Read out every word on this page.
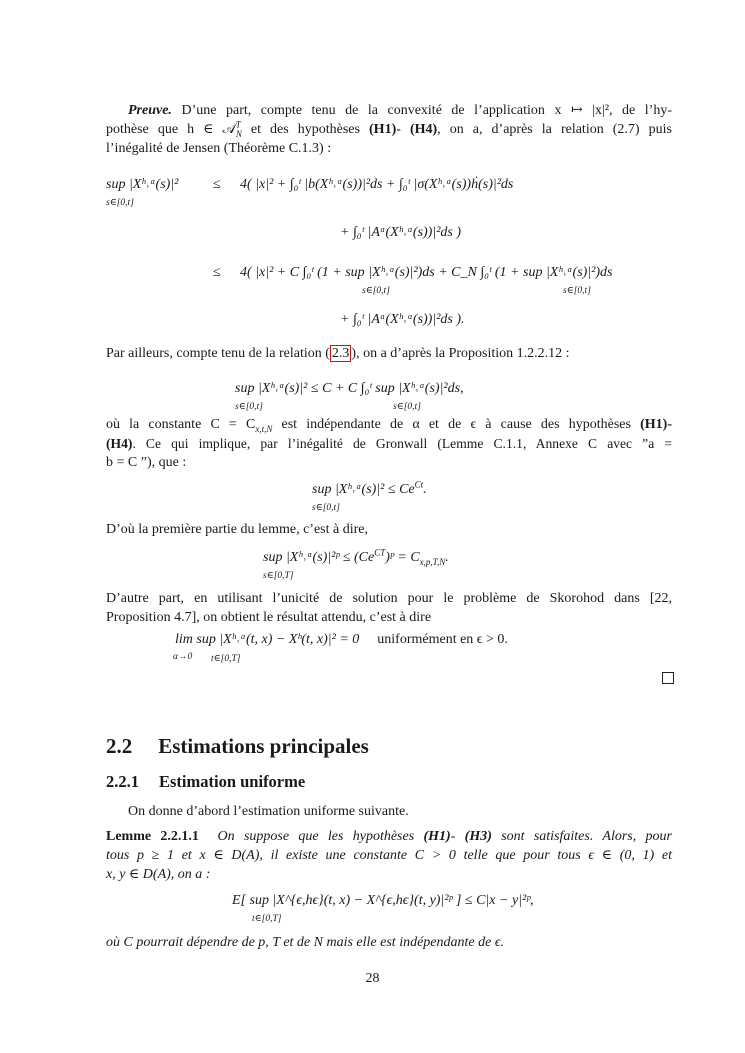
Preuve. D’une part, compte tenu de la convexité de l’application x ↦ |x|², de l’hy-
pothèse que h ∈ 𝒜$^T_N$ et des hypothèses (H1)- (H4), on a, d’après la relation (2.7) puis
l’inégalité de Jensen (Théorème C.1.3) :
sup |Xʰ˒ᵅ(s)|²
s∈[0,t]
≤ 4( |x|² + ∫₀ᵗ |b(Xʰ˒ᵅ(s))|²ds + ∫₀ᵗ |σ(Xʰ˒ᵅ(s))ḣ(s)|²ds
+ ∫₀ᵗ |Aᵅ(Xʰ˒ᵅ(s))|²ds )
≤ 4( |x|² + C ∫₀ᵗ (1 + sup |Xʰ˒ᵅ(s)|²)ds + C_N ∫₀ᵗ (1 + sup |Xʰ˒ᵅ(s)|²)ds
s∈[0,t]	s∈[0,t]
+ ∫₀ᵗ |Aᵅ(Xʰ˒ᵅ(s))|²ds ).
Par ailleurs, compte tenu de la relation ( 2.3 ), on a d’après la Proposition 1.2.2.12 :
sup |Xʰ˒ᵅ(s)|² ≤ C + C ∫₀ᵗ sup |Xʰ˒ᵅ(s)|²ds,
s∈[0,t]	s∈[0,t]
où la constante $C = C_{x,t,N}$ est indépendante de α et de ϵ à cause des hypothèses (H1)-
(H4). Ce qui implique, par l’inégalité de Gronwall (Lemme C.1.1, Annexe C avec ”a =
b = C ”), que :
sup |Xʰ˒ᵅ(s)|² ≤ $Ce^{Ct}$.
s∈[0,t]
D’où la première partie du lemme, c’est à dire,
sup |Xʰ˒ᵅ(s)|²ᵖ ≤ $(Ce^{CT})ᵖ = C_{x,p,T,N}$.
s∈[0,T]
D’autre part, en utilisant l’unicité de solution pour le problème de Skorohod dans [22,
Proposition 4.7], on obtient le résultat attendu, c’est à dire
lim sup |Xʰ˒ᵅ(t, x) − Xʰ(t, x)|² = 0 uniformément en ϵ > 0.
α→0 t∈[0,T]
2.2 Estimations principales
2.2.1 Estimation uniforme
On donne d’abord l’estimation uniforme suivante.
Lemme 2.2.1.1 On suppose que les hypothèses (H1)- (H3) sont satisfaites. Alors, pour
tous p ≥ 1 et x ∈ D(A), il existe une constante C > 0 telle que pour tous ϵ ∈ (0, 1) et
x, y ∈ D(A), on a :
E[ sup |X^{ϵ,hϵ}(t, x) − X^{ϵ,hϵ}(t, y)|²ᵖ ] ≤ C|x − y|²ᵖ,
t∈[0,T]
où C pourrait dépendre de p, T et de N mais elle est indépendante de ϵ.
28
